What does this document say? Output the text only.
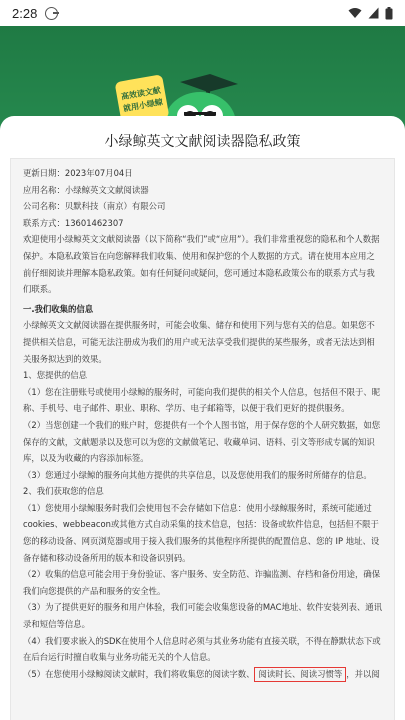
2:28
高效读文献
就用小绿鲸
小绿鲸英文文献阅读器隐私政策

更新日期：2023年07月04日

应用名称：小绿鲸英文文献阅读器

公司名称：贝默科技（南京）有限公司

联系方式：13601462307

欢迎使用小绿鲸英文文献阅读器（以下简称“我们”或“应用”）。我们非常重视您的隐私和个人数据保护。本隐私政策旨在向您解释我们收集、使用和保护您的个人数据的方式。请在使用本应用之前仔细阅读并理解本隐私政策。如有任何疑问或疑问，您可通过本隐私政策公布的联系方式与我们联系。

一.我们收集的信息

小绿鲸英文文献阅读器在提供服务时，可能会收集、储存和使用下列与您有关的信息。如果您不提供相关信息，可能无法注册成为我们的用户或无法享受我们提供的某些服务，或者无法达到相关服务拟达到的效果。

1、您提供的信息

（1）您在注册账号或使用小绿鲸的服务时，可能向我们提供的相关个人信息，包括但不限于、昵称、手机号、电子邮件、职业、职称、学历、电子邮箱等，以便于我们更好的提供服务。

（2）当您创建一个我们的账户时，您提供有一个个人图书馆，用于保存您的个人研究数据，如您保存的文献，文献题录以及您可以为您的文献做笔记、收藏单词、语料、引文等形成专属的知识库，以及为收藏的内容添加标签。

（3）您通过小绿鲸的服务向其他方提供的共享信息，以及您使用我们的服务时所储存的信息。

2、我们获取您的信息

（1）您使用小绿鲸服务时我们会使用包不会存储如下信息：使用小绿鲸服务时，系统可能通过cookies、webbeacon或其他方式自动采集的技术信息，包括：设备或软件信息，包括但不限于您的移动设备、网页浏览器或用于接入我们服务的其他程序所提供的配置信息、您的 IP 地址、设备存储和移动设备所用的版本和设备识别码。

（2）收集的信息可能会用于身份验证、客户服务、安全防范、诈骗监测、存档和备份用途，确保我们向您提供的产品和服务的安全性。

（3）为了提供更好的服务和用户体验，我们可能会收集您设备的MAC地址、软件安装列表、通讯录和短信等信息。

（4）我们要求嵌入的SDK在使用个人信息时必须与其业务功能有直接关联，不得在静默状态下或在后台运行时擅自收集与业务功能无关的个人信息。

（5）在您使用小绿鲸阅读文献时，我们将收集您的阅读字数、 阅读时长、阅读习惯等 ，并以阅
